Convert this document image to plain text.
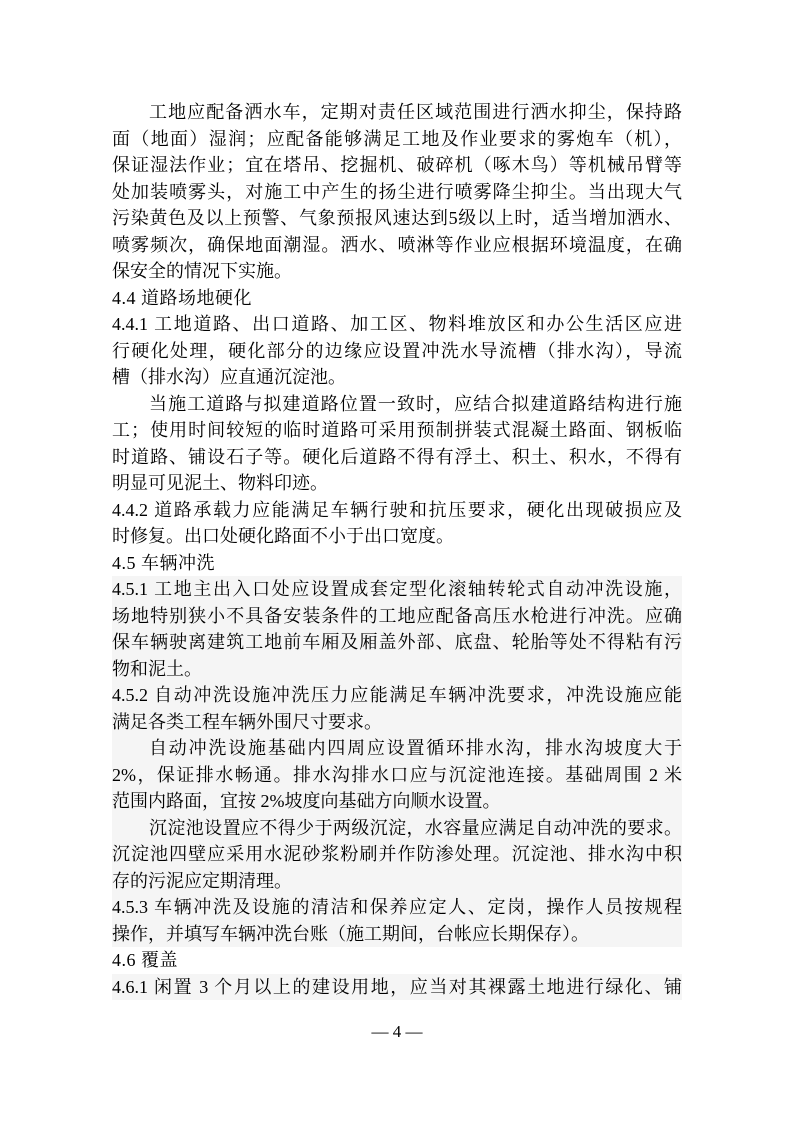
工地应配备洒水车，定期对责任区域范围进行洒水抑尘，保持路
面（地面）湿润；应配备能够满足工地及作业要求的雾炮车（机），
保证湿法作业；宜在塔吊、挖掘机、破碎机（啄木鸟）等机械吊臂等
处加装喷雾头，对施工中产生的扬尘进行喷雾降尘抑尘。当出现大气
污染黄色及以上预警、气象预报风速达到5级以上时，适当增加洒水、
喷雾频次，确保地面潮湿。洒水、喷淋等作业应根据环境温度，在确
保安全的情况下实施。
4.4 道路场地硬化
4.4.1 工地道路、出口道路、加工区、物料堆放区和办公生活区应进
行硬化处理，硬化部分的边缘应设置冲洗水导流槽（排水沟），导流
槽（排水沟）应直通沉淀池。
当施工道路与拟建道路位置一致时，应结合拟建道路结构进行施
工；使用时间较短的临时道路可采用预制拼装式混凝土路面、钢板临
时道路、铺设石子等。硬化后道路不得有浮土、积土、积水，不得有
明显可见泥土、物料印迹。
4.4.2 道路承载力应能满足车辆行驶和抗压要求，硬化出现破损应及
时修复。出口处硬化路面不小于出口宽度。
4.5 车辆冲洗
4.5.1 工地主出入口处应设置成套定型化滚轴转轮式自动冲洗设施，
场地特别狭小不具备安装条件的工地应配备高压水枪进行冲洗。应确
保车辆驶离建筑工地前车厢及厢盖外部、底盘、轮胎等处不得粘有污
物和泥土。
4.5.2 自动冲洗设施冲洗压力应能满足车辆冲洗要求，冲洗设施应能
满足各类工程车辆外围尺寸要求。
自动冲洗设施基础内四周应设置循环排水沟，排水沟坡度大于
2%，保证排水畅通。排水沟排水口应与沉淀池连接。基础周围 2 米
范围内路面，宜按 2%坡度向基础方向顺水设置。
沉淀池设置应不得少于两级沉淀，水容量应满足自动冲洗的要求。
沉淀池四壁应采用水泥砂浆粉刷并作防渗处理。沉淀池、排水沟中积
存的污泥应定期清理。
4.5.3 车辆冲洗及设施的清洁和保养应定人、定岗，操作人员按规程
操作，并填写车辆冲洗台账（施工期间，台帐应长期保存）。
4.6 覆盖
4.6.1 闲置 3 个月以上的建设用地，应当对其裸露土地进行绿化、铺
— 4 —
